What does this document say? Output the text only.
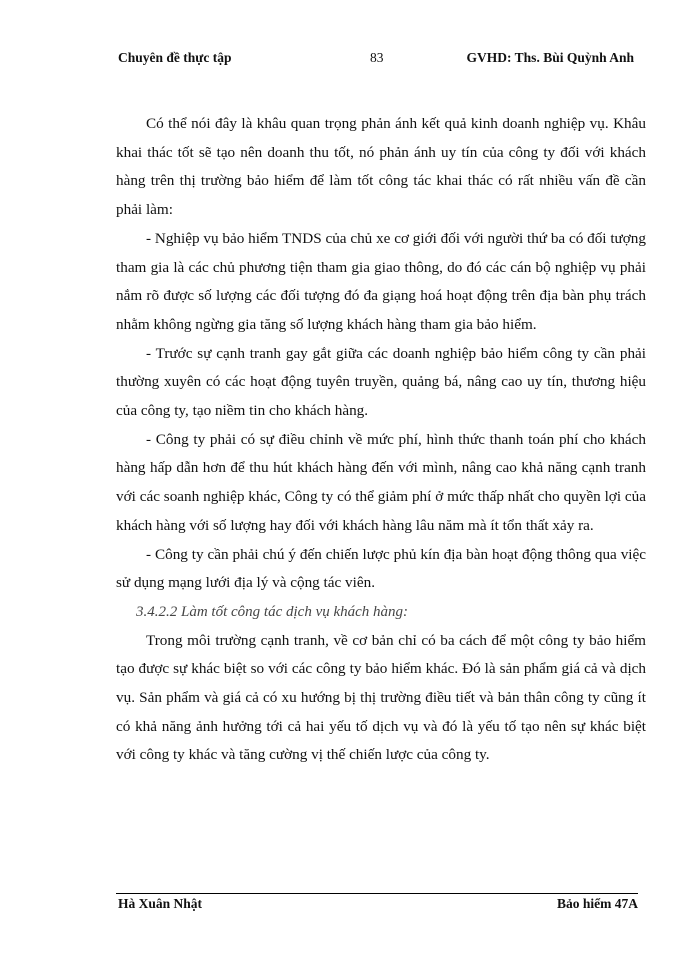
Chuyên đề thực tập	83	GVHD: Ths. Bùi Quỳnh Anh

Có thể nói đây là khâu quan trọng phản ánh kết quả kinh doanh nghiệp vụ. Khâu khai thác tốt sẽ tạo nên doanh thu tốt, nó phản ánh uy tín của công ty đối với khách hàng trên thị trường bảo hiểm để làm tốt công tác khai thác có rất nhiều vấn đề cần phải làm:

- Nghiệp vụ bảo hiểm TNDS của chủ xe cơ giới đối với người thứ ba có đối tượng tham gia là các chủ phương tiện tham gia giao thông, do đó các cán bộ nghiệp vụ phải nắm rõ được số lượng các đối tượng đó đa giạng hoá hoạt động trên địa bàn phụ trách nhằm không ngừng gia tăng số lượng khách hàng tham gia bảo hiểm.

- Trước sự cạnh tranh gay gắt giữa các doanh nghiệp bảo hiểm công ty cần phải thường xuyên có các hoạt động tuyên truyền, quảng bá, nâng cao uy tín, thương hiệu của công ty, tạo niềm tin cho khách hàng.

- Công ty phải có sự điều chỉnh về mức phí, hình thức thanh toán phí cho khách hàng hấp dẫn hơn để thu hút khách hàng đến với mình, nâng cao khả năng cạnh tranh với các soanh nghiệp khác, Công ty có thể giảm phí ở mức thấp nhất cho quyền lợi của khách hàng với số lượng hay đối với khách hàng lâu năm mà ít tổn thất xảy ra.

- Công ty cần phải chú ý đến chiến lược phủ kín địa bàn hoạt động thông qua việc sử dụng mạng lưới địa lý và cộng tác viên.

3.4.2.2 Làm tốt công tác dịch vụ khách hàng:

Trong môi trường cạnh tranh, về cơ bản chỉ có ba cách để một công ty bảo hiểm tạo được sự khác biệt so với các công ty bảo hiểm khác. Đó là sản phẩm giá cả và dịch vụ. Sản phẩm và giá cả có xu hướng bị thị trường điều tiết và bản thân công ty cũng ít có khả năng ảnh hưởng tới cả hai yếu tố dịch vụ và đó là yếu tố tạo nên sự khác biệt với công ty khác và tăng cường vị thế chiến lược của công ty.

Hà Xuân Nhật	Bảo hiểm 47A
